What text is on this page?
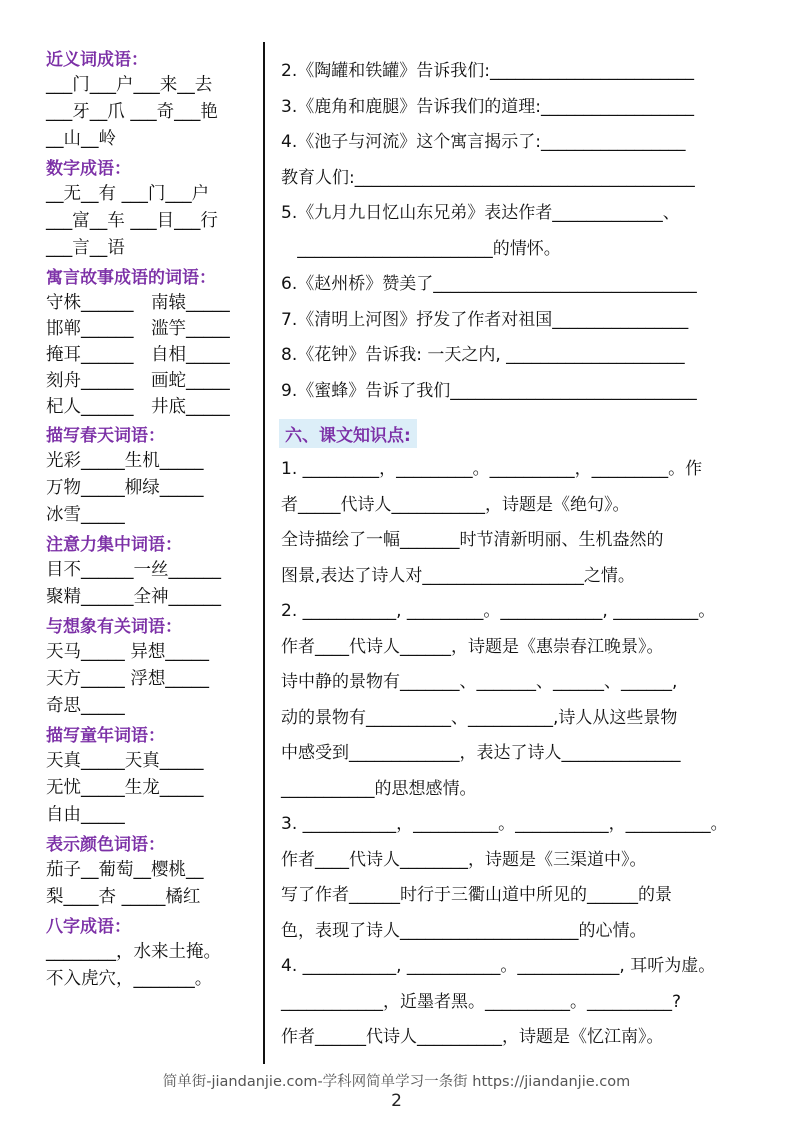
近义词成语：
___门___户___来__去
___牙__爪 ___奇___艳
__山__岭
数字成语：
__无__有 ___门___户
___富__车 ___目___行
___言__语
寓言故事成语的词语：
守株______	南辕_____
邯郸______	滥竽_____
掩耳______	自相_____
刻舟______	画蛇_____
杞人______	井底_____
描写春天词语：
光彩_____生机_____
万物_____柳绿_____
冰雪_____
注意力集中词语：
目不______一丝______
聚精______全神______
与想象有关词语：
天马_____ 异想_____
天方_____ 浮想_____
奇思_____
描写童年词语：
天真_____天真_____
无忧_____生龙_____
自由_____
表示颜色词语：
茄子__葡萄__樱桃__
梨____杏 _____橘红
八字成语：
________，水来土掩。
不入虎穴，_______。
2.《陶罐和铁罐》告诉我们:________________________
3.《鹿角和鹿腿》告诉我们的道理:__________________
4.《池子与河流》这个寓言揭示了:_________________
教育人们:________________________________________
5.《九月九日忆山东兄弟》表达作者_____________、
_______________________的情怀。
6.《赵州桥》赞美了_______________________________
7.《清明上河图》抒发了作者对祖国________________
8.《花钟》告诉我: 一天之内, _____________________
9.《蜜蜂》告诉了我们_____________________________
六、课文知识点:
1. _________，_________。__________，_________。作
者_____代诗人___________，诗题是《绝句》。
全诗描绘了一幅_______时节清新明丽、生机盎然的
图景,表达了诗人对___________________之情。
2. ___________, _________。____________, __________。
作者____代诗人______，诗题是《惠崇春江晚景》。
诗中静的景物有_______、_______、______、______,
动的景物有__________、__________,诗人从这些景物
中感受到_____________，表达了诗人______________
___________的思想感情。
3. ___________，__________。___________，__________。
作者____代诗人________，诗题是《三渠道中》。
写了作者______时行于三衢山道中所见的______的景
色，表现了诗人_____________________的心情。
4. ___________, ___________。____________, 耳听为虚。
____________，近墨者黑。__________。__________?
作者______代诗人__________，诗题是《忆江南》。
简单街-jiandanjie.com-学科网简单学习一条街 https://jiandanjie.com
2
